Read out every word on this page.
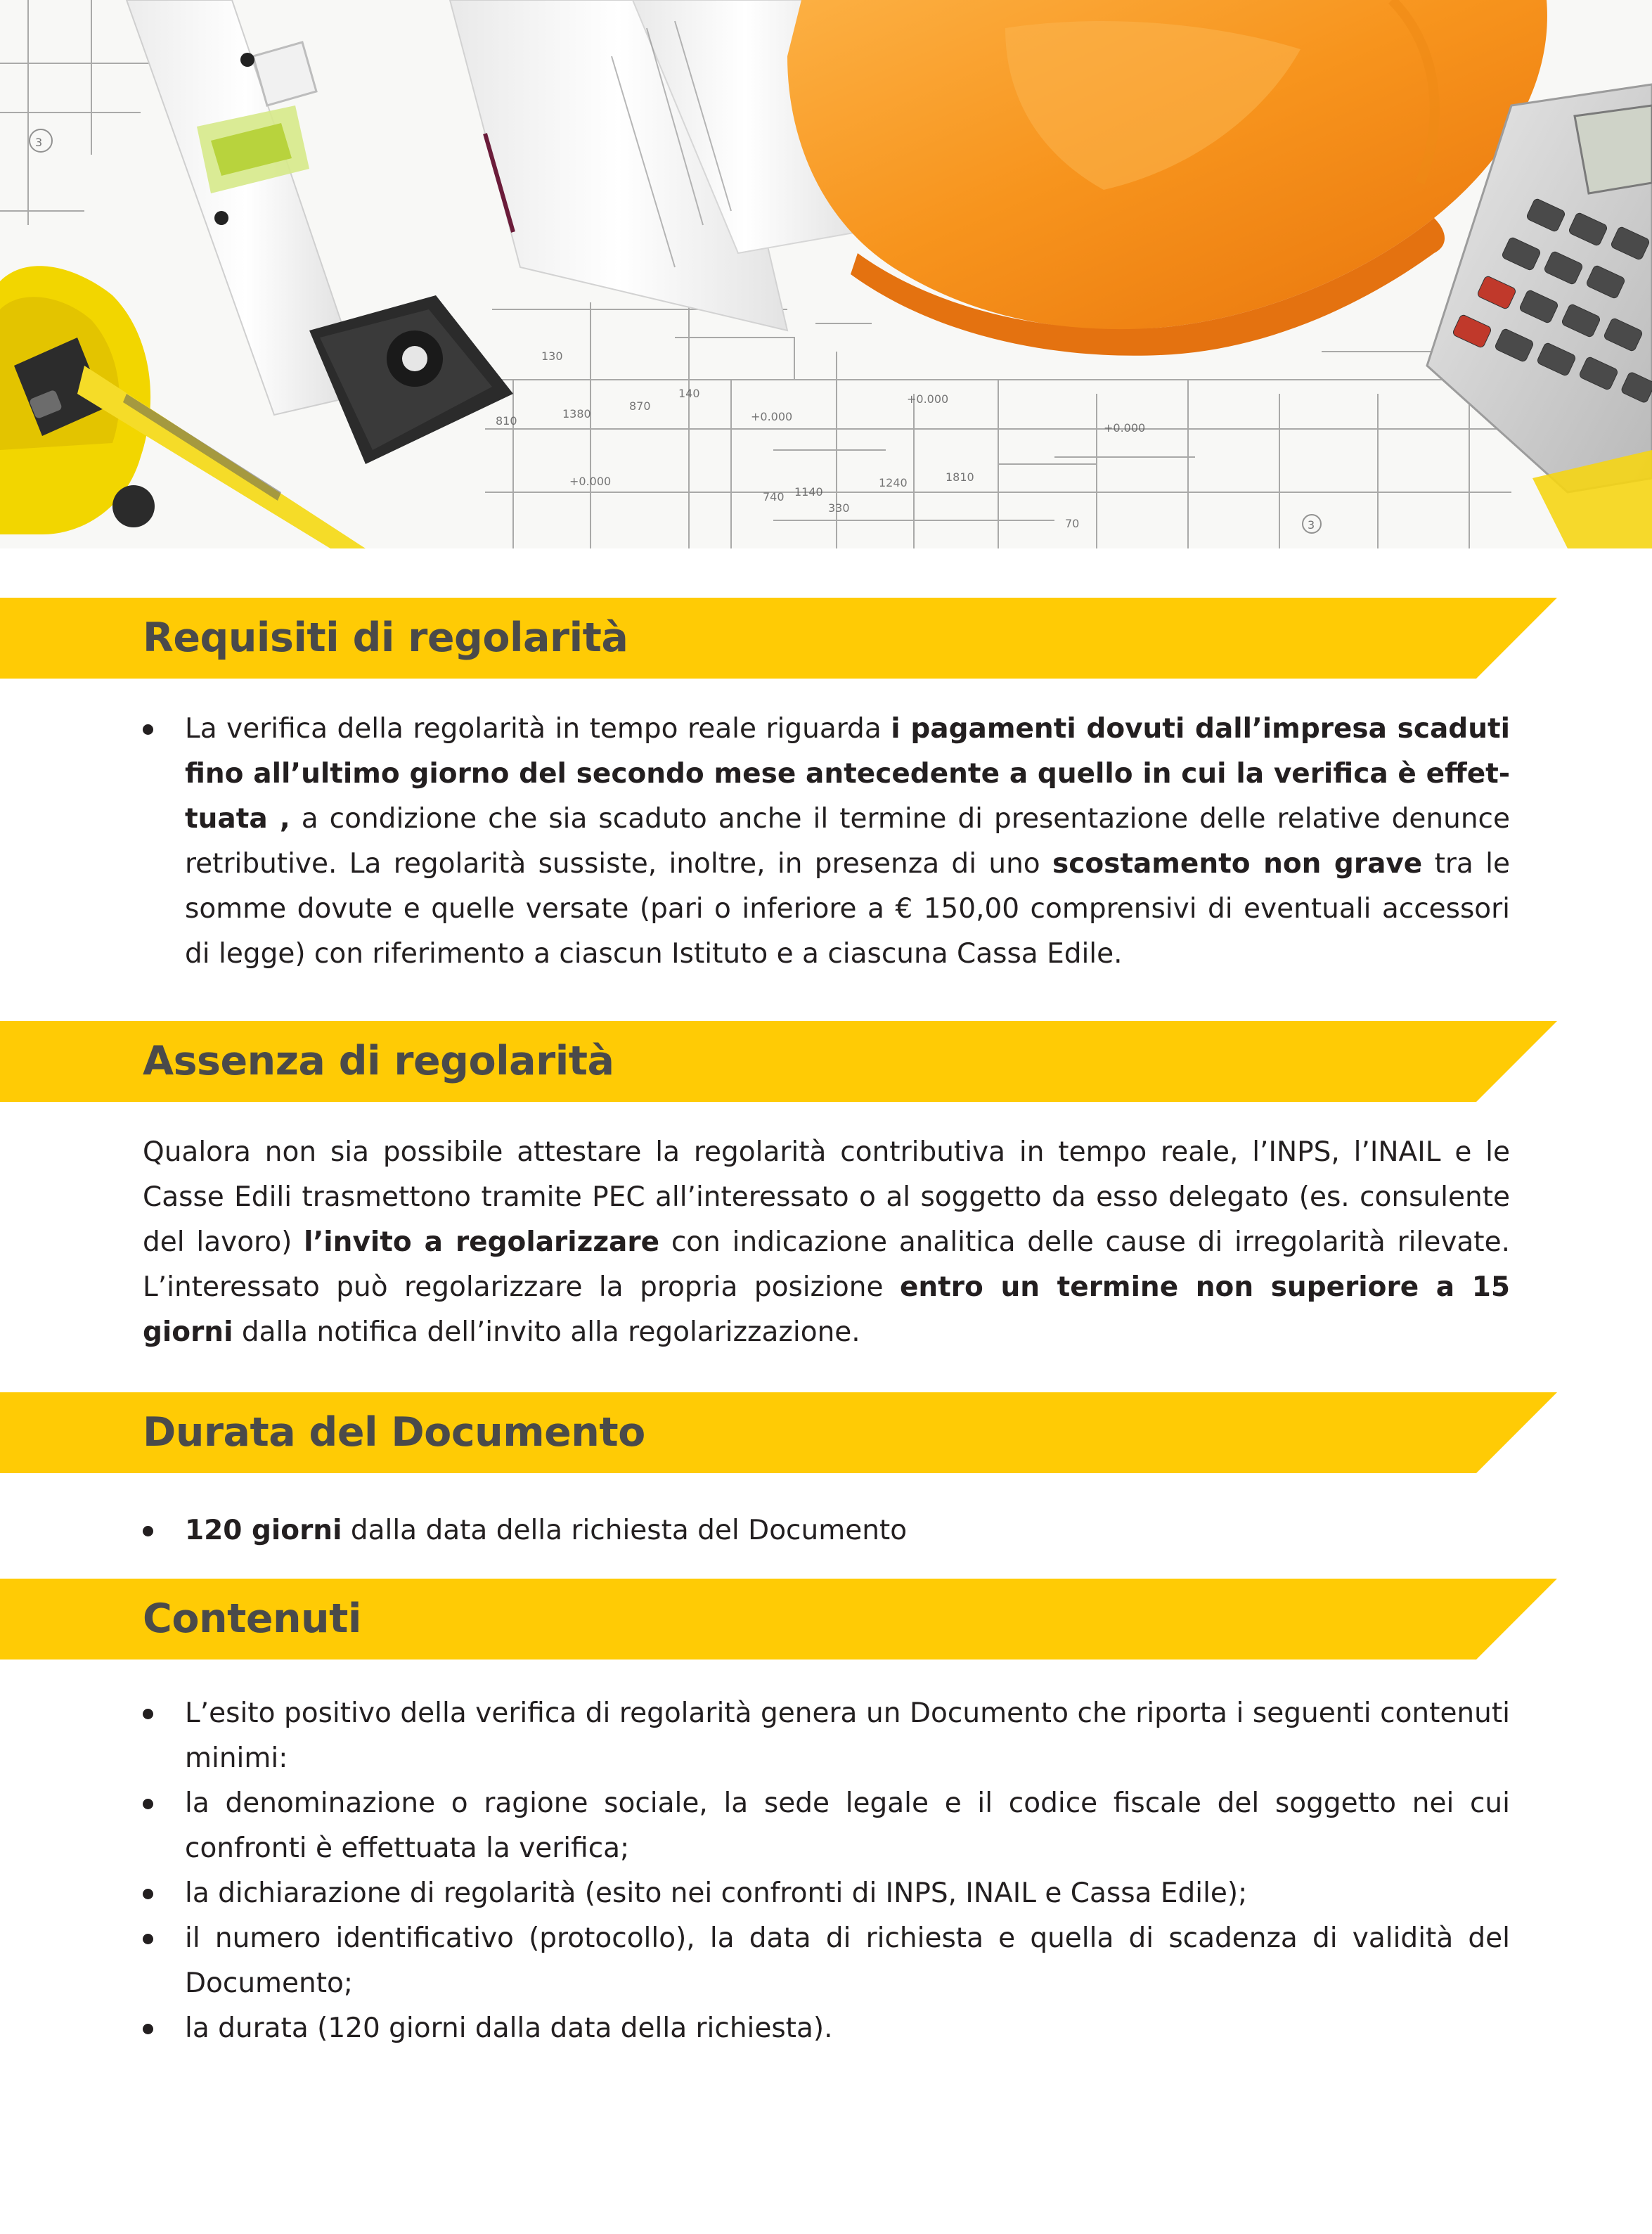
130
810
1380
870
140
+0.000
+0.000
+0.000
+0.000
740 1140
330
1240	1810
70	3
3
Requisiti di regolarità
La verifica della regolarità in tempo reale riguarda i pagamenti dovuti dall’impresa scaduti fino all’ultimo giorno del secondo mese antecedente a quello in cui la verifica è effettuata , a condizione che sia scaduto anche il termine di presentazione delle relative denunce retributive. La regolarità sussiste, inoltre, in presenza di uno scostamento non grave tra le somme dovute e quelle versate (pari o inferiore a € 150,00 comprensivi di eventuali accessori di legge) con riferimento a ciascun Istituto e a ciascuna Cassa Edile.
Assenza di regolarità

Qualora non sia possibile attestare la regolarità contributiva in tempo reale, l’INPS, l’INAIL e le Casse Edili trasmettono tramite PEC all’interessato o al soggetto da esso delegato (es. consulente del lavoro) l’invito a regolarizzare con indicazione analitica delle cause di irregolarità rilevate. L’interessato può regolarizzare la propria posizione entro un termine non superiore a 15 giorni dalla notifica dell’invito alla regolarizzazione.

Durata del Documento
120 giorni dalla data della richiesta del Documento
Contenuti
L’esito positivo della verifica di regolarità genera un Documento che riporta i seguenti contenuti minimi:
la denominazione o ragione sociale, la sede legale e il codice fiscale del soggetto nei cui confronti è effettuata la verifica;
la dichiarazione di regolarità (esito nei confronti di INPS, INAIL e Cassa Edile);
il numero identificativo (protocollo), la data di richiesta e quella di scadenza di validità del Documento;
la durata (120 giorni dalla data della richiesta).
